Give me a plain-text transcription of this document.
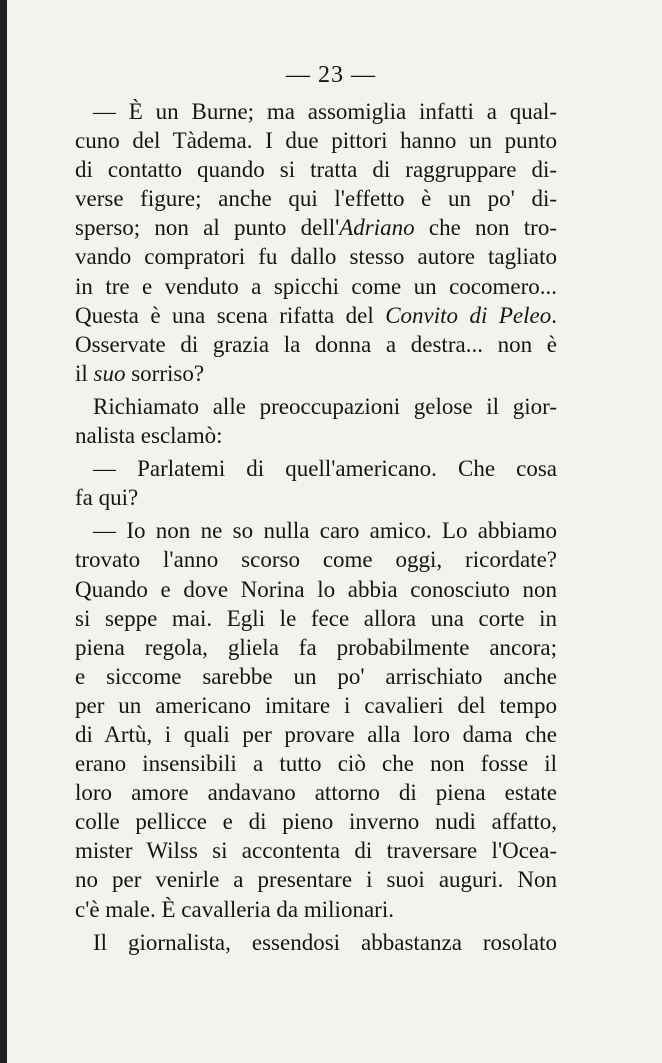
— 23 —
— È un Burne; ma assomiglia infatti a qual-
cuno del Tàdema. I due pittori hanno un punto
di contatto quando si tratta di raggruppare di-
verse figure; anche qui l'effetto è un po' di-
sperso; non al punto dell'Adriano che non tro-
vando compratori fu dallo stesso autore tagliato
in tre e venduto a spicchi come un cocomero...
Questa è una scena rifatta del Convito di Peleo.
Osservate di grazia la donna a destra... non è
il suo sorriso?
Richiamato alle preoccupazioni gelose il gior-
nalista esclamò:
— Parlatemi di quell'americano. Che cosa
fa qui?
— Io non ne so nulla caro amico. Lo abbiamo
trovato l'anno scorso come oggi, ricordate?
Quando e dove Norina lo abbia conosciuto non
si seppe mai. Egli le fece allora una corte in
piena regola, gliela fa probabilmente ancora;
e siccome sarebbe un po' arrischiato anche
per un americano imitare i cavalieri del tempo
di Artù, i quali per provare alla loro dama che
erano insensibili a tutto ciò che non fosse il
loro amore andavano attorno di piena estate
colle pellicce e di pieno inverno nudi affatto,
mister Wilss si accontenta di traversare l'Ocea-
no per venirle a presentare i suoi auguri. Non
c'è male. È cavalleria da milionari.
Il giornalista, essendosi abbastanza rosolato
